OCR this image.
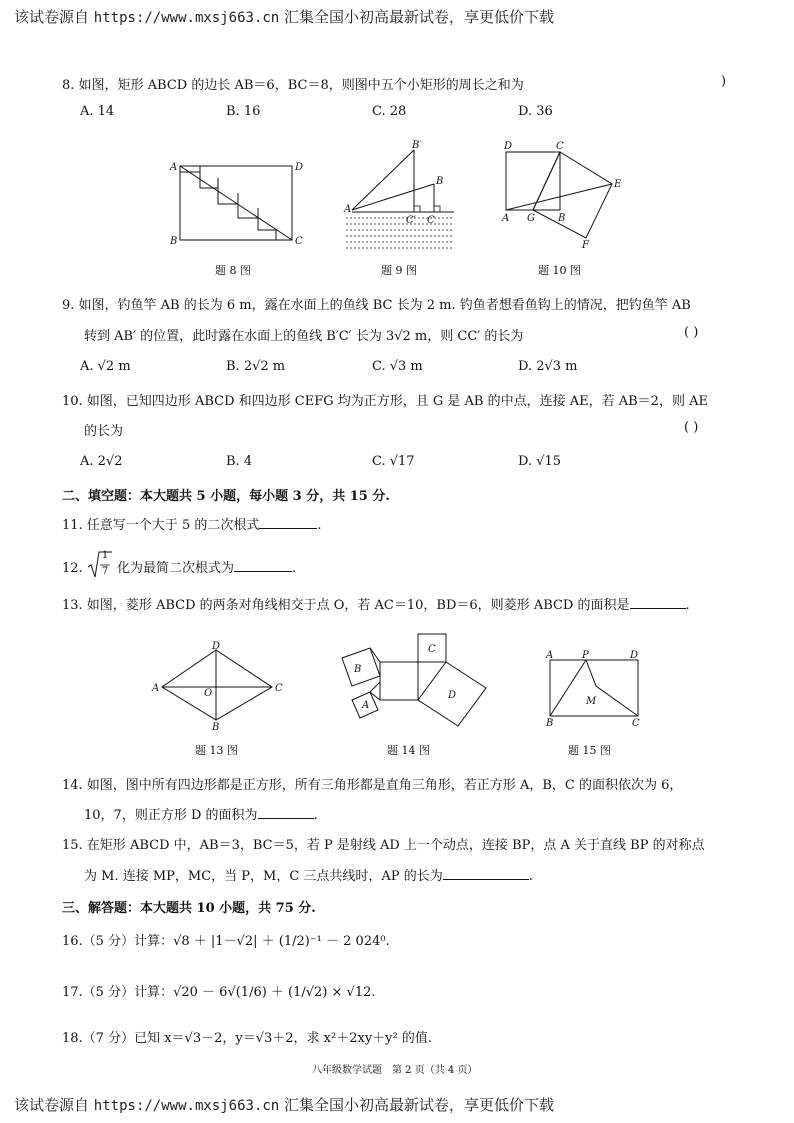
该试卷源自 https://www.mxsj663.cn 汇集全国小初高最新试卷，享更低价下载
8. 如图，矩形 ABCD 的边长 AB＝6，BC＝8，则图中五个小矩形的周长之和为	)
A. 14	B. 16	C. 28	D. 36
A	D
B	C
题 8 图
B′
B
A
C′ C
题 9 图
D	C
E
A G B
F
题 10 图
9. 如图，钓鱼竿 AB 的长为 6 m，露在水面上的鱼线 BC 长为 2 m. 钓鱼者想看鱼钩上的情况，把钓鱼竿 AB
转到 AB′ 的位置，此时露在水面上的鱼线 B′C′ 长为 3√2 m，则 CC′ 的长为	( )
A. √2 m	B. 2√2 m	C. √3 m	D. 2√3 m
10. 如图，已知四边形 ABCD 和四边形 CEFG 均为正方形，且 G 是 AB 的中点，连接 AE，若 AB＝2，则 AE
的长为	( )
A. 2√2	B. 4	C. √17	D. √15
二、填空题：本大题共 5 小题，每小题 3 分，共 15 分.
11. 任意写一个大于 5 的二次根式	.
12.
1
7 化为最简二次根式为	.
13. 如图，菱形 ABCD 的两条对角线相交于点 O，若 AC＝10，BD＝6，则菱形 ABCD 的面积是	.
D
A	O	C
B
题 13 图
C
B
A
D
题 14 图
A	P	D
M
B	C
题 15 图
14. 如图，图中所有四边形都是正方形，所有三角形都是直角三角形，若正方形 A，B，C 的面积依次为 6，
10，7，则正方形 D 的面积为	.
15. 在矩形 ABCD 中，AB＝3，BC＝5，若 P 是射线 AD 上一个动点，连接 BP，点 A 关于直线 BP 的对称点
为 M. 连接 MP，MC，当 P，M，C 三点共线时，AP 的长为	.
三、解答题：本大题共 10 小题，共 75 分.
16.（5 分）计算：√8 ＋ |1－√2| ＋ (1/2)⁻¹ － 2 024⁰.
17.（5 分）计算：√20 － 6√(1/6) ＋ (1/√2) × √12.
18.（7 分）已知 x＝√3－2，y＝√3＋2，求 x²＋2xy＋y² 的值.
八年级数学试题　第 2 页（共 4 页）
该试卷源自 https://www.mxsj663.cn 汇集全国小初高最新试卷，享更低价下载
